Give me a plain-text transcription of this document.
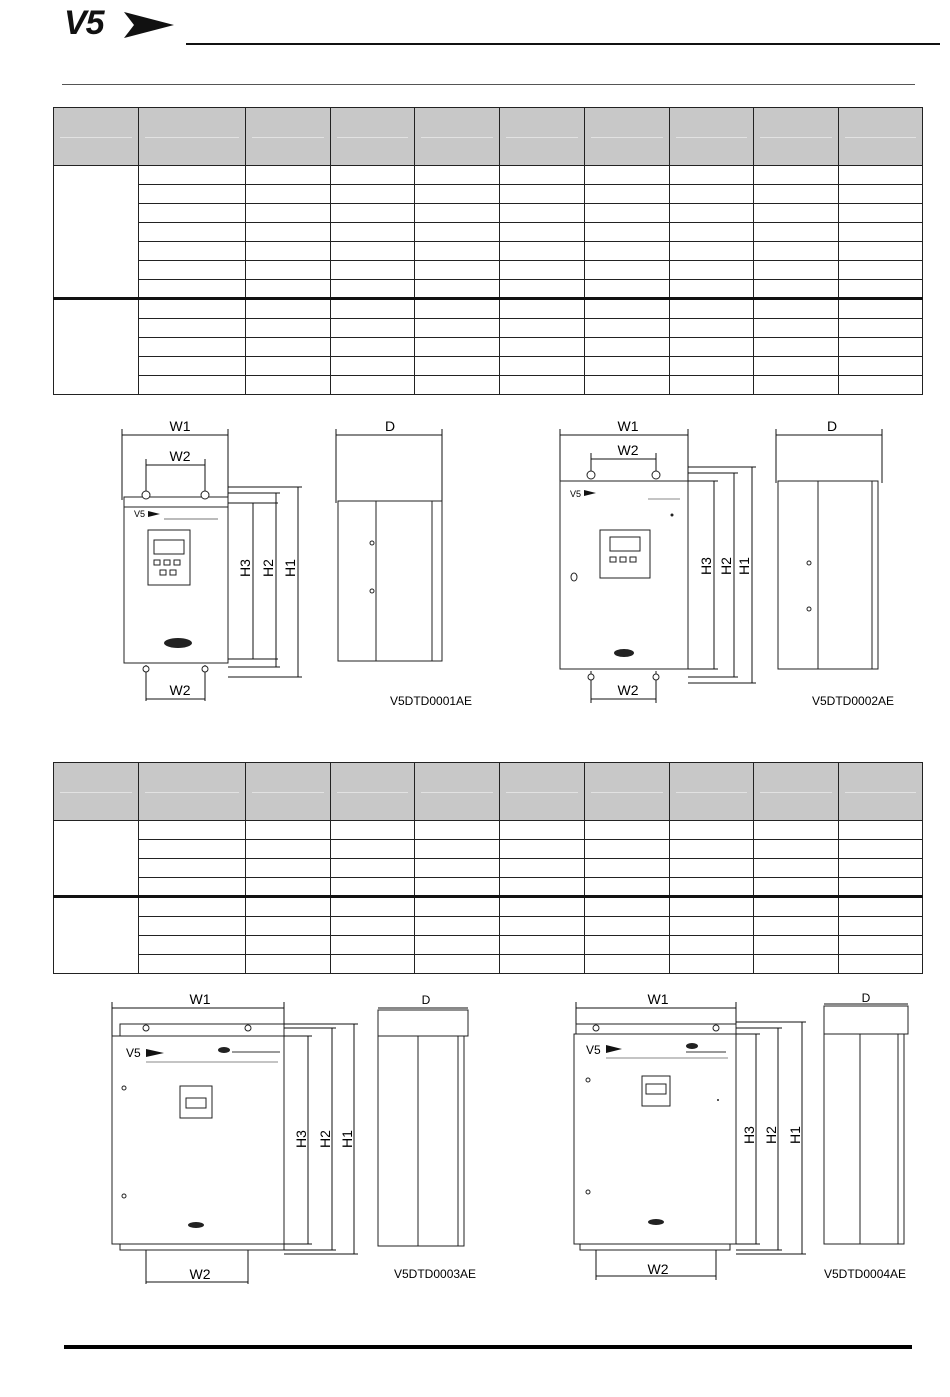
V5

W1
W2
V5
W2
H3 H2 H1
D
V5DTD0001AE
W1
W2
V5
W2
H3 H2 H1
D
V5DTD0002AE

W1
V5
W2
H3 H2 H1
D
V5DTD0003AE
W1
V5
W2
H3 H2 H1
D
V5DTD0004AE
